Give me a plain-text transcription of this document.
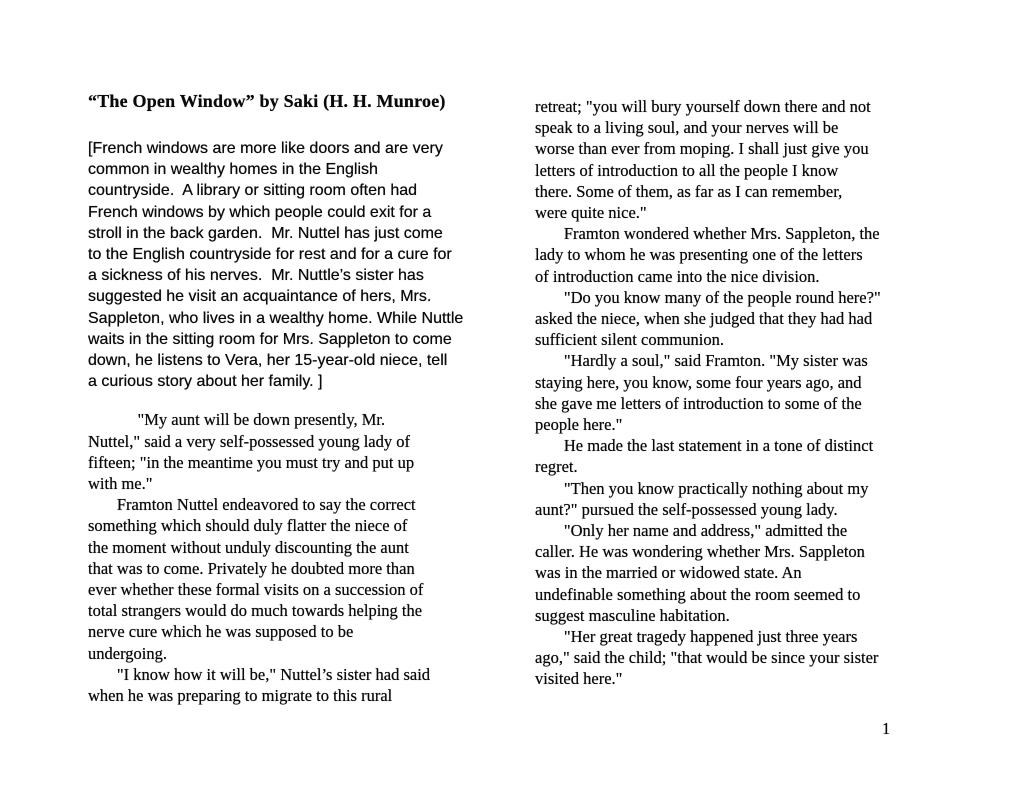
“The Open Window” by Saki (H. H. Munroe)
[French windows are more like doors and are very
common in wealthy homes in the English
countryside.  A library or sitting room often had
French windows by which people could exit for a
stroll in the back garden.  Mr. Nuttel has just come
to the English countryside for rest and for a cure for
a sickness of his nerves.  Mr. Nuttle’s sister has
suggested he visit an acquaintance of hers, Mrs.
Sappleton, who lives in a wealthy home. While Nuttle
waits in the sitting room for Mrs. Sappleton to come
down, he listens to Vera, her 15-year-old niece, tell
a curious story about her family. ]
"My aunt will be down presently, Mr.
Nuttel," said a very self-possessed young lady of
fifteen; "in the meantime you must try and put up
with me."
Framton Nuttel endeavored to say the correct
something which should duly flatter the niece of
the moment without unduly discounting the aunt
that was to come. Privately he doubted more than
ever whether these formal visits on a succession of
total strangers would do much towards helping the
nerve cure which he was supposed to be
undergoing.
"I know how it will be," Nuttel’s sister had said
when he was preparing to migrate to this rural
retreat; "you will bury yourself down there and not
speak to a living soul, and your nerves will be
worse than ever from moping. I shall just give you
letters of introduction to all the people I know
there. Some of them, as far as I can remember,
were quite nice."
Framton wondered whether Mrs. Sappleton, the
lady to whom he was presenting one of the letters
of introduction came into the nice division.
"Do you know many of the people round here?"
asked the niece, when she judged that they had had
sufficient silent communion.
"Hardly a soul," said Framton. "My sister was
staying here, you know, some four years ago, and
she gave me letters of introduction to some of the
people here."
He made the last statement in a tone of distinct
regret.
"Then you know practically nothing about my
aunt?" pursued the self-possessed young lady.
"Only her name and address," admitted the
caller. He was wondering whether Mrs. Sappleton
was in the married or widowed state. An
undefinable something about the room seemed to
suggest masculine habitation.
"Her great tragedy happened just three years
ago," said the child; "that would be since your sister
visited here."
1
